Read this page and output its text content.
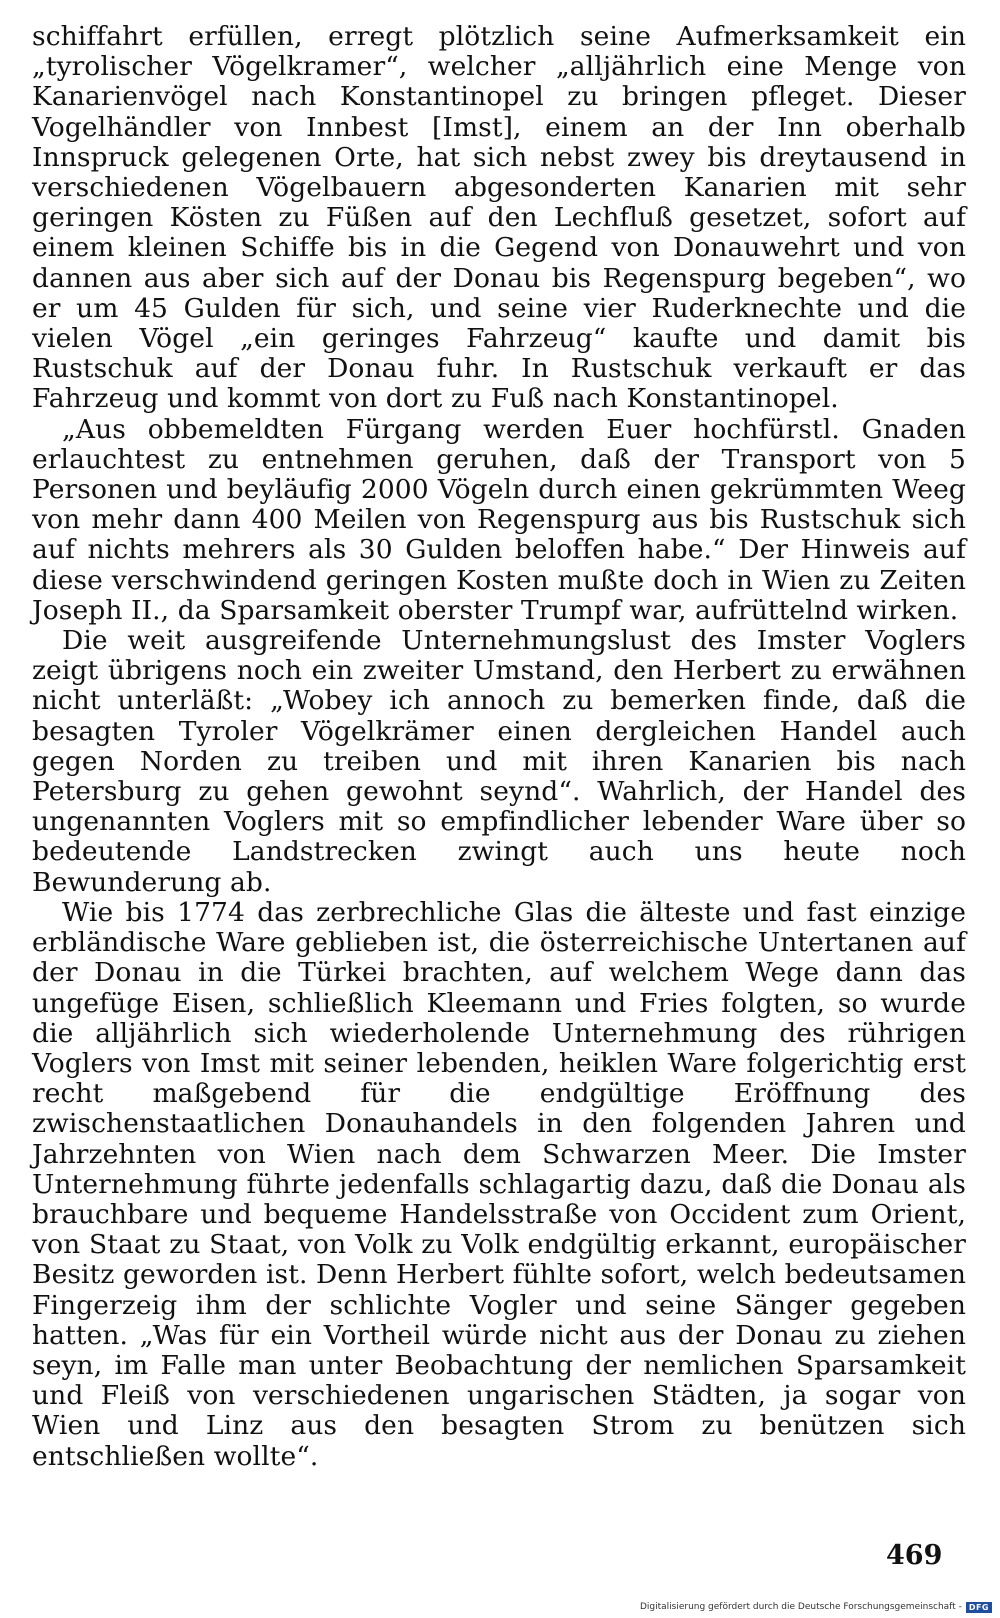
schiffahrt erfüllen, erregt plötzlich seine Aufmerksamkeit ein „tyrolischer Vögelkramer“, welcher „alljährlich eine Menge von Kanarienvögel nach Konstantinopel zu bringen pfleget. Dieser Vogelhändler von Innbest [Imst], einem an der Inn oberhalb Innspruck gelegenen Orte, hat sich nebst zwey bis dreytausend in verschiedenen Vögelbauern abgesonderten Kanarien mit sehr geringen Kösten zu Füßen auf den Lechfluß gesetzet, sofort auf einem kleinen Schiffe bis in die Gegend von Donauwehrt und von dannen aus aber sich auf der Donau bis Regenspurg begeben“, wo er um 45 Gulden für sich, und seine vier Ruderknechte und die vielen Vögel „ein geringes Fahrzeug“ kaufte und damit bis Rustschuk auf der Donau fuhr. In Rustschuk verkauft er das Fahrzeug und kommt von dort zu Fuß nach Konstantinopel.

„Aus obbemeldten Fürgang werden Euer hochfürstl. Gnaden erlauchtest zu entnehmen geruhen, daß der Transport von 5 Personen und beyläufig 2000 Vögeln durch einen gekrümmten Weeg von mehr dann 400 Meilen von Regenspurg aus bis Rustschuk sich auf nichts mehrers als 30 Gulden beloffen habe.“ Der Hinweis auf diese verschwindend geringen Kosten mußte doch in Wien zu Zeiten Joseph II., da Sparsamkeit oberster Trumpf war, aufrüttelnd wirken.

Die weit ausgreifende Unternehmungslust des Imster Voglers zeigt übrigens noch ein zweiter Umstand, den Herbert zu erwähnen nicht unterläßt: „Wobey ich annoch zu bemerken finde, daß die besagten Tyroler Vögelkrämer einen dergleichen Handel auch gegen Norden zu treiben und mit ihren Kanarien bis nach Petersburg zu gehen gewohnt seynd“. Wahrlich, der Handel des ungenannten Voglers mit so empfindlicher lebender Ware über so bedeutende Landstrecken zwingt auch uns heute noch Bewunderung ab.

Wie bis 1774 das zerbrechliche Glas die älteste und fast einzige erbländische Ware geblieben ist, die österreichische Untertanen auf der Donau in die Türkei brachten, auf welchem Wege dann das ungefüge Eisen, schließlich Kleemann und Fries folgten, so wurde die alljährlich sich wiederholende Unternehmung des rührigen Voglers von Imst mit seiner lebenden, heiklen Ware folgerichtig erst recht maßgebend für die endgültige Eröffnung des zwischenstaatlichen Donauhandels in den folgenden Jahren und Jahrzehnten von Wien nach dem Schwarzen Meer. Die Imster Unternehmung führte jedenfalls schlagartig dazu, daß die Donau als brauchbare und bequeme Handelsstraße von Occident zum Orient, von Staat zu Staat, von Volk zu Volk endgültig erkannt, europäischer Besitz geworden ist. Denn Herbert fühlte sofort, welch bedeutsamen Fingerzeig ihm der schlichte Vogler und seine Sänger gegeben hatten. „Was für ein Vortheil würde nicht aus der Donau zu ziehen seyn, im Falle man unter Beobachtung der nemlichen Sparsamkeit und Fleiß von verschiedenen ungarischen Städten, ja sogar von Wien und Linz aus den besagten Strom zu benützen sich entschließen wollte“.

469
Digitalisierung gefördert durch die Deutsche Forschungsgemeinschaft - DFG
